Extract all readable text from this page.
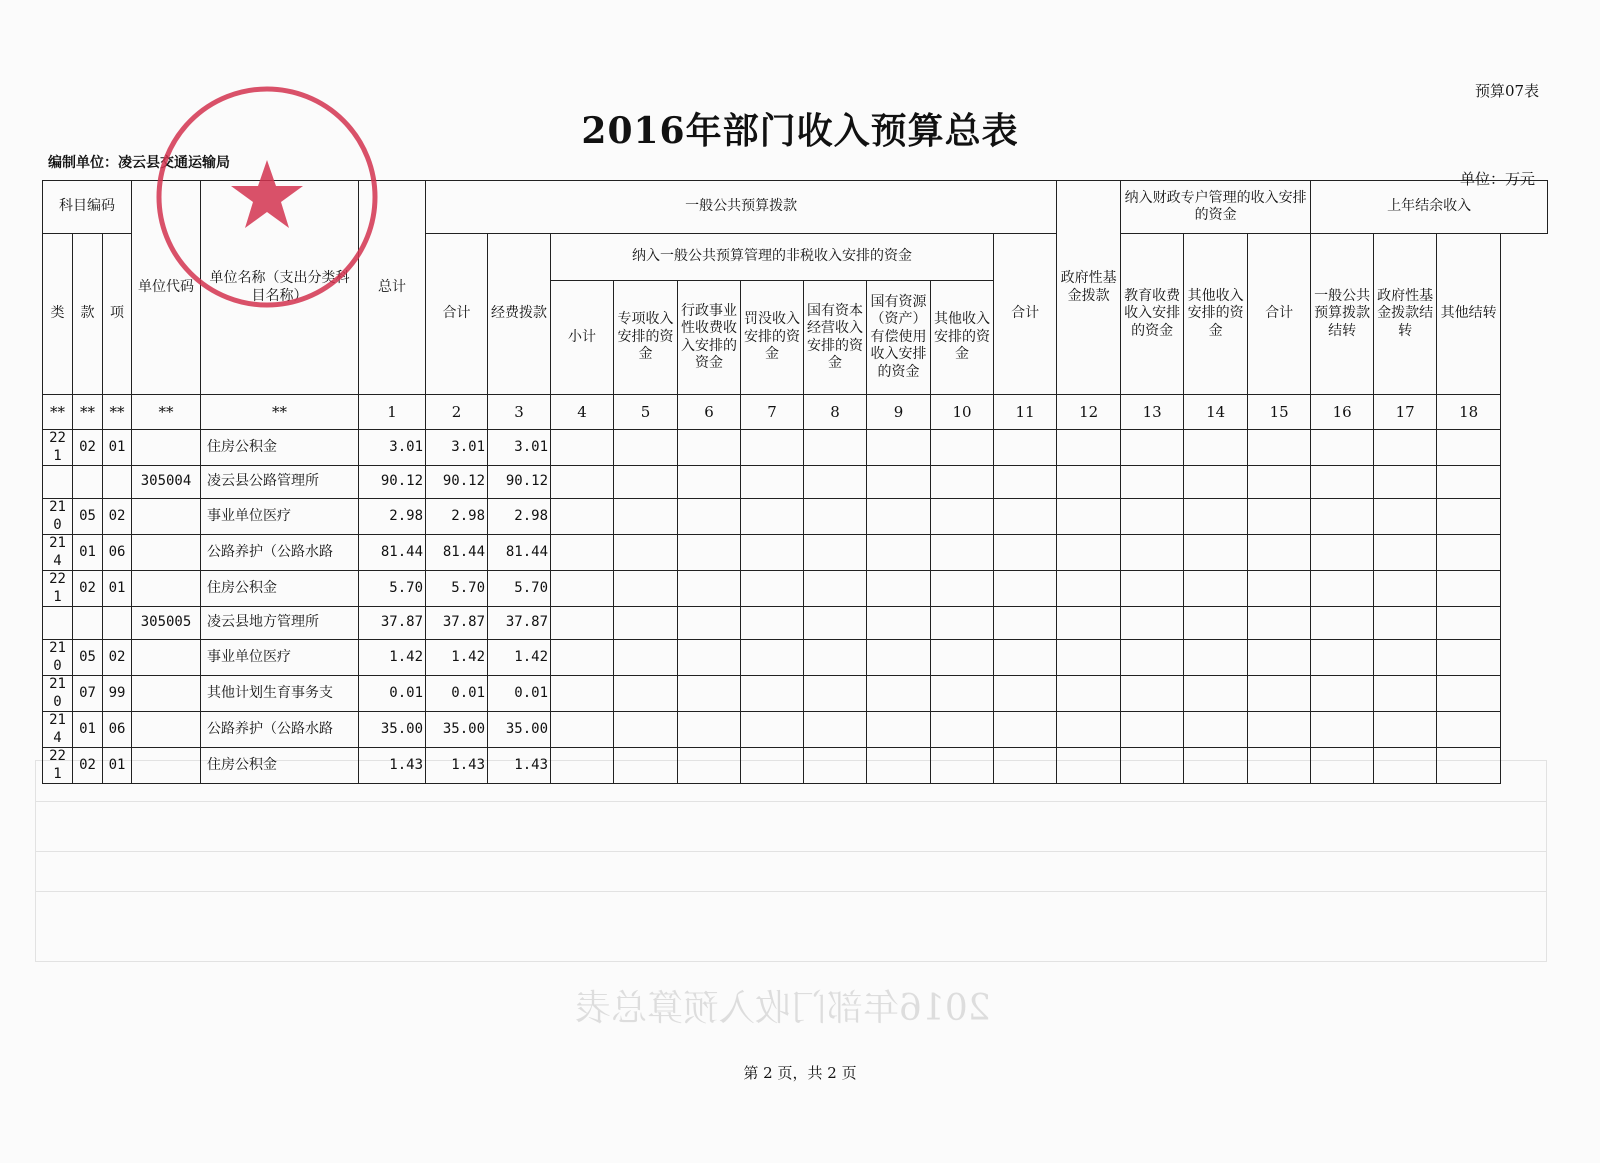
2016年部门收入预算总表
预算07表
2016年部门收入预算总表
编制单位：凌云县交通运输局
单位：万元
科目编码			单位代码	单位名称（支出分类科目名称）	总计	一般公共预算拨款										政府性基金拨款	纳入财政专户管理的收入安排的资金			上年结余收入		
类	款	项				合计	经费拨款	纳入一般公共预算管理的非税收入安排的资金							合计		教育收费收入安排的资金	其他收入安排的资金	合计	一般公共预算拨款结转	政府性基金拨款结转	其他结转
								小计	专项收入安排的资金	行政事业性收费收入安排的资金	罚没收入安排的资金	国有资本经营收入安排的资金	国有资源（资产）有偿使用收入安排的资金	其他收入安排的资金								
**	**	**	**	**	1	2	3	4	5	6	7	8	9	10	11	12	13	14	15	16	17	18
221	02	01		住房公积金	3.01	3.01	3.01															
			305004	凌云县公路管理所	90.12	90.12	90.12															
210	05	02		事业单位医疗	2.98	2.98	2.98															
214	01	06		公路养护（公路水路	81.44	81.44	81.44															
221	02	01		住房公积金	5.70	5.70	5.70															
			305005	凌云县地方管理所	37.87	37.87	37.87															
210	05	02		事业单位医疗	1.42	1.42	1.42															
210	07	99		其他计划生育事务支	0.01	0.01	0.01															
214	01	06		公路养护（公路水路	35.00	35.00	35.00															
221	02	01		住房公积金	1.43	1.43	1.43															
第 2 页，共 2 页
